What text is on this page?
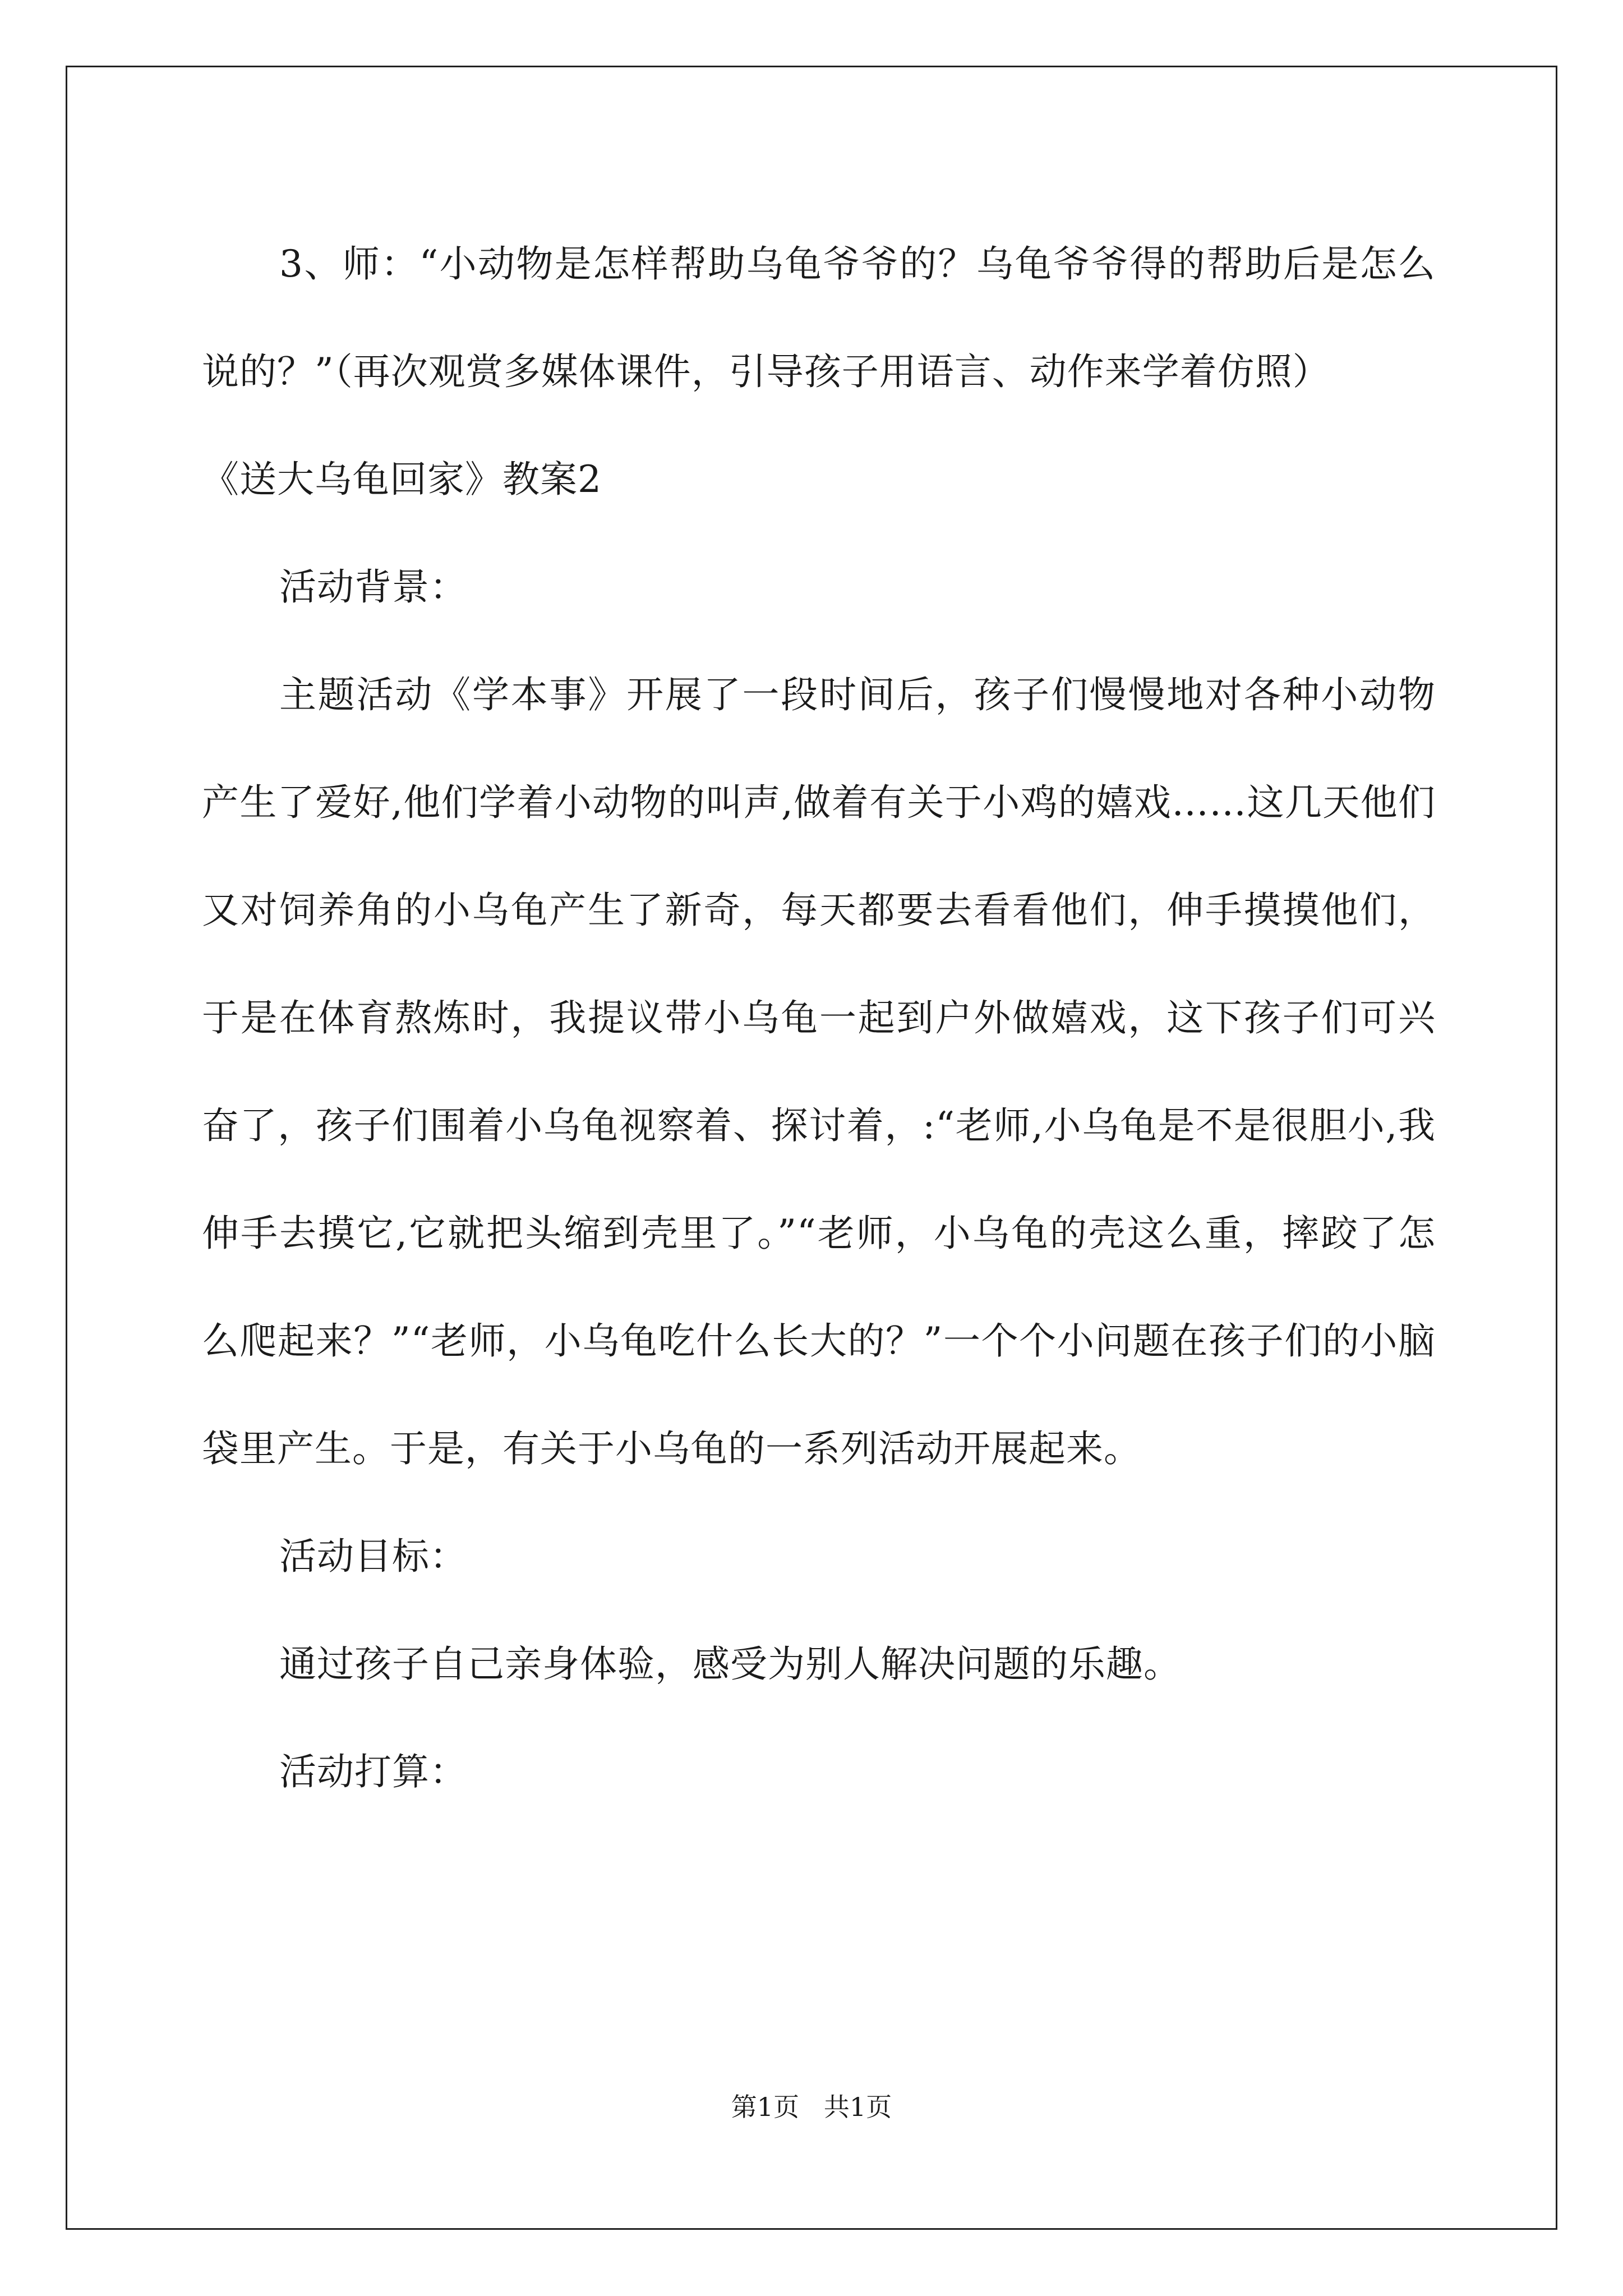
3、师：“小动物是怎样帮助乌龟爷爷的？乌龟爷爷得的帮助后是怎么说的？”（再次观赏多媒体课件，引导孩子用语言、动作来学着仿照）

《送大乌龟回家》教案2

活动背景：

主题活动《学本事》开展了一段时间后，孩子们慢慢地对各种小动物产生了爱好,他们学着小动物的叫声,做着有关于小鸡的嬉戏……这几天他们又对饲养角的小乌龟产生了新奇，每天都要去看看他们，伸手摸摸他们，于是在体育熬炼时，我提议带小乌龟一起到户外做嬉戏，这下孩子们可兴奋了，孩子们围着小乌龟视察着、探讨着，:“老师,小乌龟是不是很胆小,我伸手去摸它,它就把头缩到壳里了。”“老师，小乌龟的壳这么重，摔跤了怎么爬起来？”“老师，小乌龟吃什么长大的？”一个个小问题在孩子们的小脑袋里产生。于是，有关于小乌龟的一系列活动开展起来。

活动目标：

通过孩子自己亲身体验，感受为别人解决问题的乐趣。

活动打算：

第1页   共1页
